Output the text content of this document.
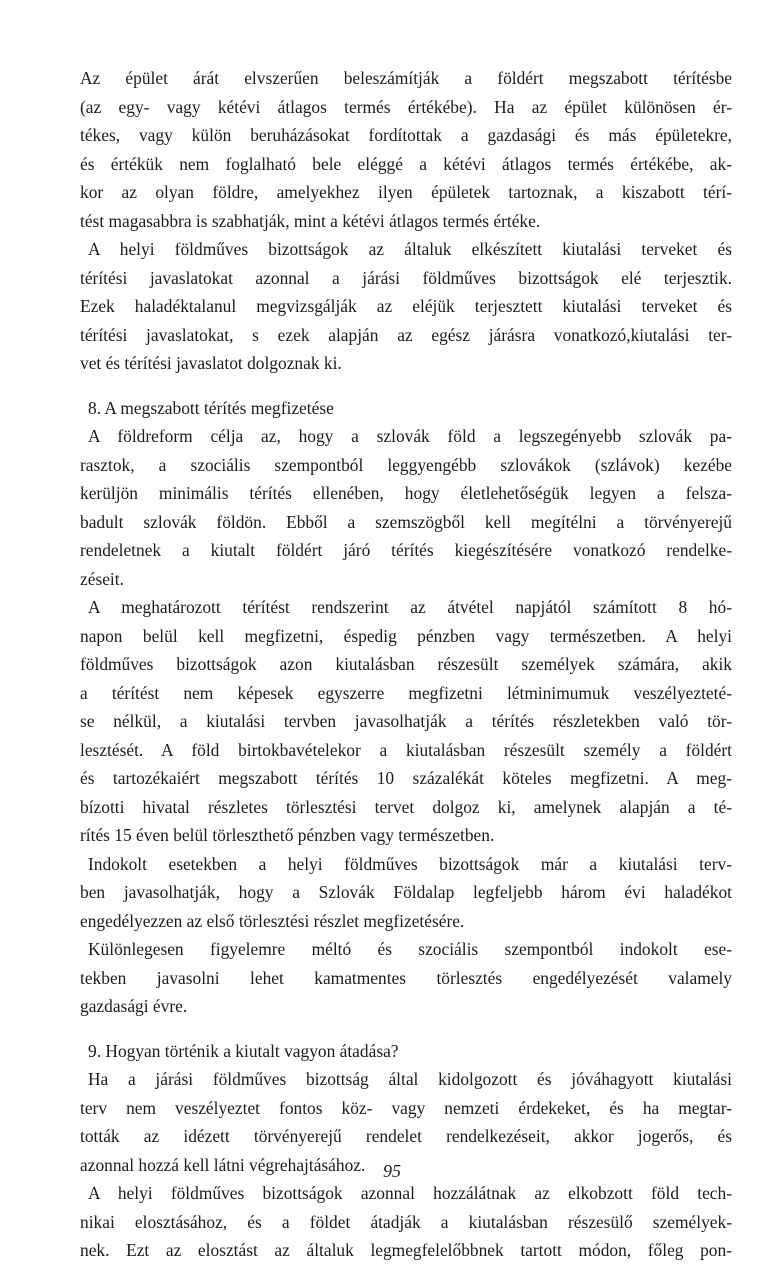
Az épület árát elvszerűen beleszámítják a földért megszabott térítésbe
(az egy- vagy kétévi átlagos termés értékébe). Ha az épület különösen ér-
tékes, vagy külön beruházásokat fordítottak a gazdasági és más épületekre,
és értékük nem foglalható bele eléggé a kétévi átlagos termés értékébe, ak-
kor az olyan földre, amelyekhez ilyen épületek tartoznak, a kiszabott térí-
tést magasabbra is szabhatják, mint a kétévi átlagos termés értéke.
A helyi földműves bizottságok az általuk elkészített kiutalási terveket és
térítési javaslatokat azonnal a járási földműves bizottságok elé terjesztik.
Ezek haladéktalanul megvizsgálják az eléjük terjesztett kiutalási terveket és
térítési javaslatokat, s ezek alapján az egész járásra vonatkozó,kiutalási ter-
vet és térítési javaslatot dolgoznak ki.
8. A megszabott térítés megfizetése
A földreform célja az, hogy a szlovák föld a legszegényebb szlovák pa-
rasztok, a szociális szempontból leggyengébb szlovákok (szlávok) kezébe
kerüljön minimális térítés ellenében, hogy életlehetőségük legyen a felsza-
badult szlovák földön. Ebből a szemszögből kell megítélni a törvényerejű
rendeletnek a kiutalt földért járó térítés kiegészítésére vonatkozó rendelke-
zéseit.
A meghatározott térítést rendszerint az átvétel napjától számított 8 hó-
napon belül kell megfizetni, éspedig pénzben vagy természetben. A helyi
földműves bizottságok azon kiutalásban részesült személyek számára, akik
a térítést nem képesek egyszerre megfizetni létminimumuk veszélyezteté-
se nélkül, a kiutalási tervben javasolhatják a térítés részletekben való tör-
lesztését. A föld birtokbavételekor a kiutalásban részesült személy a földért
és tartozékaiért megszabott térítés 10 százalékát köteles megfizetni. A meg-
bízotti hivatal részletes törlesztési tervet dolgoz ki, amelynek alapján a té-
rítés 15 éven belül törleszthető pénzben vagy természetben.
Indokolt esetekben a helyi földműves bizottságok már a kiutalási terv-
ben javasolhatják, hogy a Szlovák Földalap legfeljebb három évi haladékot
engedélyezzen az első törlesztési részlet megfizetésére.
Különlegesen figyelemre méltó és szociális szempontból indokolt ese-
tekben javasolni lehet kamatmentes törlesztés engedélyezését valamely
gazdasági évre.
9. Hogyan történik a kiutalt vagyon átadása?
Ha a járási földműves bizottság által kidolgozott és jóváhagyott kiutalási
terv nem veszélyeztet fontos köz- vagy nemzeti érdekeket, és ha megtar-
tották az idézett törvényerejű rendelet rendelkezéseit, akkor jogerős, és
azonnal hozzá kell látni végrehajtásához.
A helyi földműves bizottságok azonnal hozzálátnak az elkobzott föld tech-
nikai elosztásához, és a földet átadják a kiutalásban részesülő személyek-
nek. Ezt az elosztást az általuk legmegfelelőbbnek tartott módon, főleg pon-
95
